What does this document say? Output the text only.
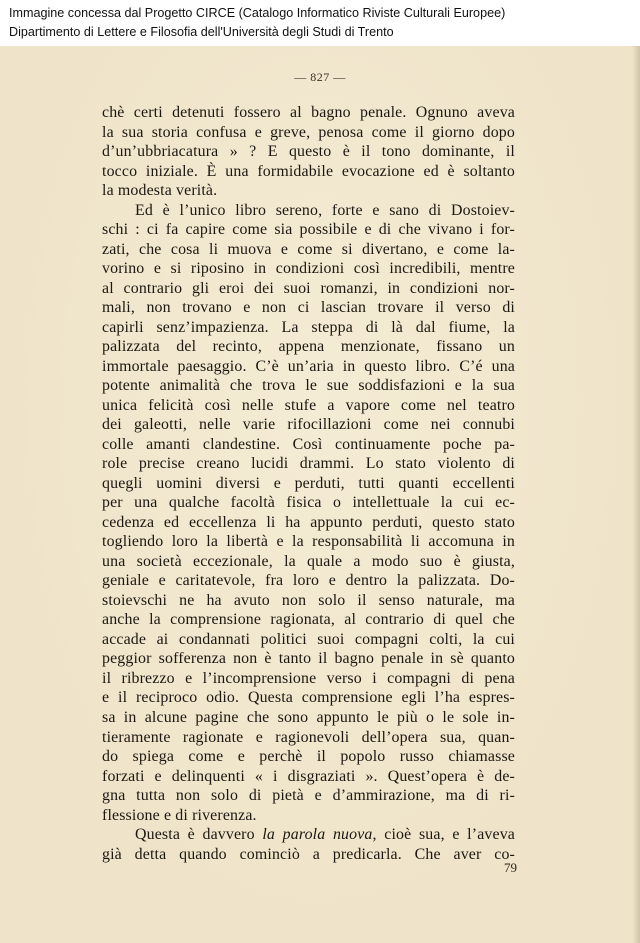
Immagine concessa dal Progetto CIRCE (Catalogo Informatico Riviste Culturali Europee)
Dipartimento di Lettere e Filosofia dell'Università degli Studi di Trento
— 827 —
chè certi detenuti fossero al bagno penale. Ognuno aveva
la sua storia confusa e greve, penosa come il giorno dopo
d’un’ubbriacatura » ? E questo è il tono dominante, il
tocco iniziale. È una formidabile evocazione ed è soltanto
la modesta verità.
Ed è l’unico libro sereno, forte e sano di Dostoiev-
schi : ci fa capire come sia possibile e di che vivano i for-
zati, che cosa li muova e come si divertano, e come la-
vorino e si riposino in condizioni così incredibili, mentre
al contrario gli eroi dei suoi romanzi, in condizioni nor-
mali, non trovano e non ci lascian trovare il verso di
capirli senz’impazienza. La steppa di là dal fiume, la
palizzata del recinto, appena menzionate, fissano un
immortale paesaggio. C’è un’aria in questo libro. C’é una
potente animalità che trova le sue soddisfazioni e la sua
unica felicità così nelle stufe a vapore come nel teatro
dei galeotti, nelle varie rifocillazioni come nei connubi
colle amanti clandestine. Così continuamente poche pa-
role precise creano lucidi drammi. Lo stato violento di
quegli uomini diversi e perduti, tutti quanti eccellenti
per una qualche facoltà fisica o intellettuale la cui ec-
cedenza ed eccellenza li ha appunto perduti, questo stato
togliendo loro la libertà e la responsabilità li accomuna in
una società eccezionale, la quale a modo suo è giusta,
geniale e caritatevole, fra loro e dentro la palizzata. Do-
stoievschi ne ha avuto non solo il senso naturale, ma
anche la comprensione ragionata, al contrario di quel che
accade ai condannati politici suoi compagni colti, la cui
peggior sofferenza non è tanto il bagno penale in sè quanto
il ribrezzo e l’incomprensione verso i compagni di pena
e il reciproco odio. Questa comprensione egli l’ha espres-
sa in alcune pagine che sono appunto le più o le sole in-
tieramente ragionate e ragionevoli dell’opera sua, quan-
do spiega come e perchè il popolo russo chiamasse
forzati e delinquenti « i disgraziati ». Quest’opera è de-
gna tutta non solo di pietà e d’ammirazione, ma di ri-
flessione e di riverenza.
Questa è davvero la parola nuova, cioè sua, e l’aveva
già detta quando cominciò a predicarla. Che aver co-
79
